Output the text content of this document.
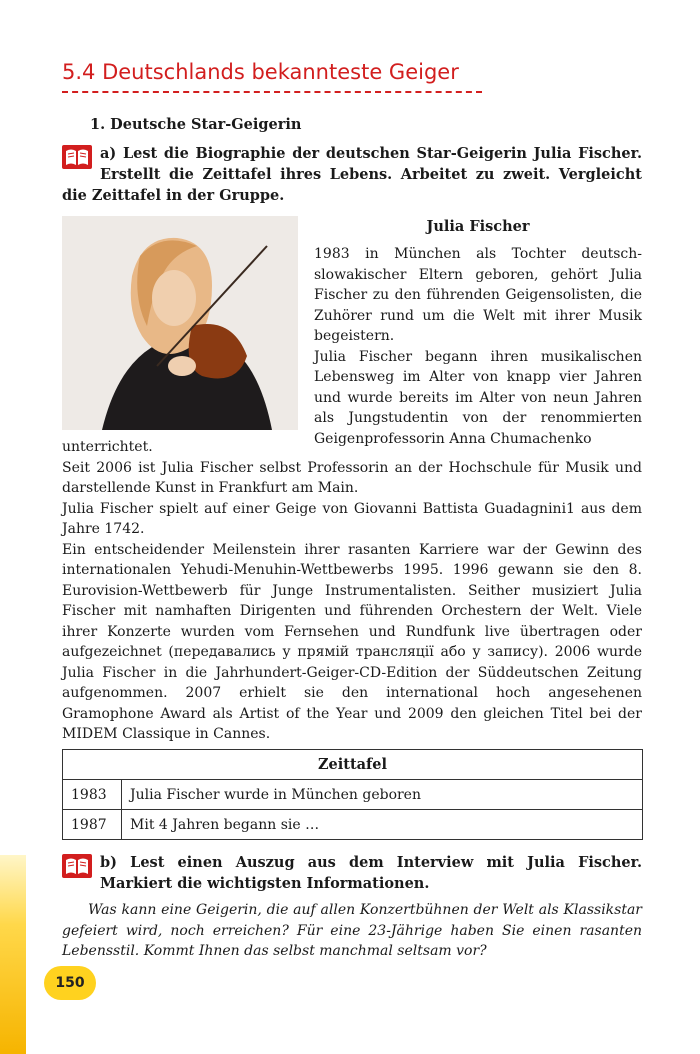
5.4 Deutschlands bekannteste Geiger
1. Deutsche Star-Geigerin
a) Lest die Biographie der deutschen Star-Geigerin Julia Fischer. Erstellt die Zeittafel ihres Lebens. Arbeitet zu zweit. Vergleicht die Zeittafel in der Gruppe.
Julia Fischer

1983 in München als Tochter deutsch-slowakischer Eltern geboren, gehört Julia Fischer zu den führenden Geigensolisten, die Zuhörer rund um die Welt mit ihrer Musik begeistern.

Julia Fischer begann ihren musikalischen Lebensweg im Alter von knapp vier Jahren und wurde bereits im Alter von neun Jahren als Jungstudentin von der renommierten Geigenprofessorin Anna Chumachenko

unterrichtet.

Seit 2006 ist Julia Fischer selbst Professorin an der Hochschule für Musik und darstellende Kunst in Frankfurt am Main.

Julia Fischer spielt auf einer Geige von Giovanni Battista Guadagnini1 aus dem Jahre 1742.

Ein entscheidender Meilenstein ihrer rasanten Karriere war der Gewinn des internationalen Yehudi-Menuhin-Wettbewerbs 1995. 1996 gewann sie den 8. Eurovision-Wettbewerb für Junge Instrumentalisten. Seither musiziert Julia Fischer mit namhaften Dirigenten und führenden Orchestern der Welt. Viele ihrer Konzerte wurden vom Fernsehen und Rundfunk live übertragen oder aufgezeichnet (передавались у прямій трансляції або у запису). 2006 wurde Julia Fischer in die Jahrhundert-Geiger-CD-Edition der Süddeutschen Zeitung aufgenommen. 2007 erhielt sie den international hoch angesehenen Gramophone Award als Artist of the Year und 2009 den gleichen Titel bei der MIDEM Classique in Cannes.

Zeittafel	
1983	Julia Fischer wurde in München geboren
1987	Mit 4 Jahren begann sie …
b) Lest einen Auszug aus dem Interview mit Julia Fischer. Markiert die wichtigsten Informationen.

Was kann eine Geigerin, die auf allen Konzertbühnen der Welt als Klassikstar gefeiert wird, noch erreichen? Für eine 23-Jährige haben Sie einen rasanten Lebensstil. Kommt Ihnen das selbst manchmal seltsam vor?

150
